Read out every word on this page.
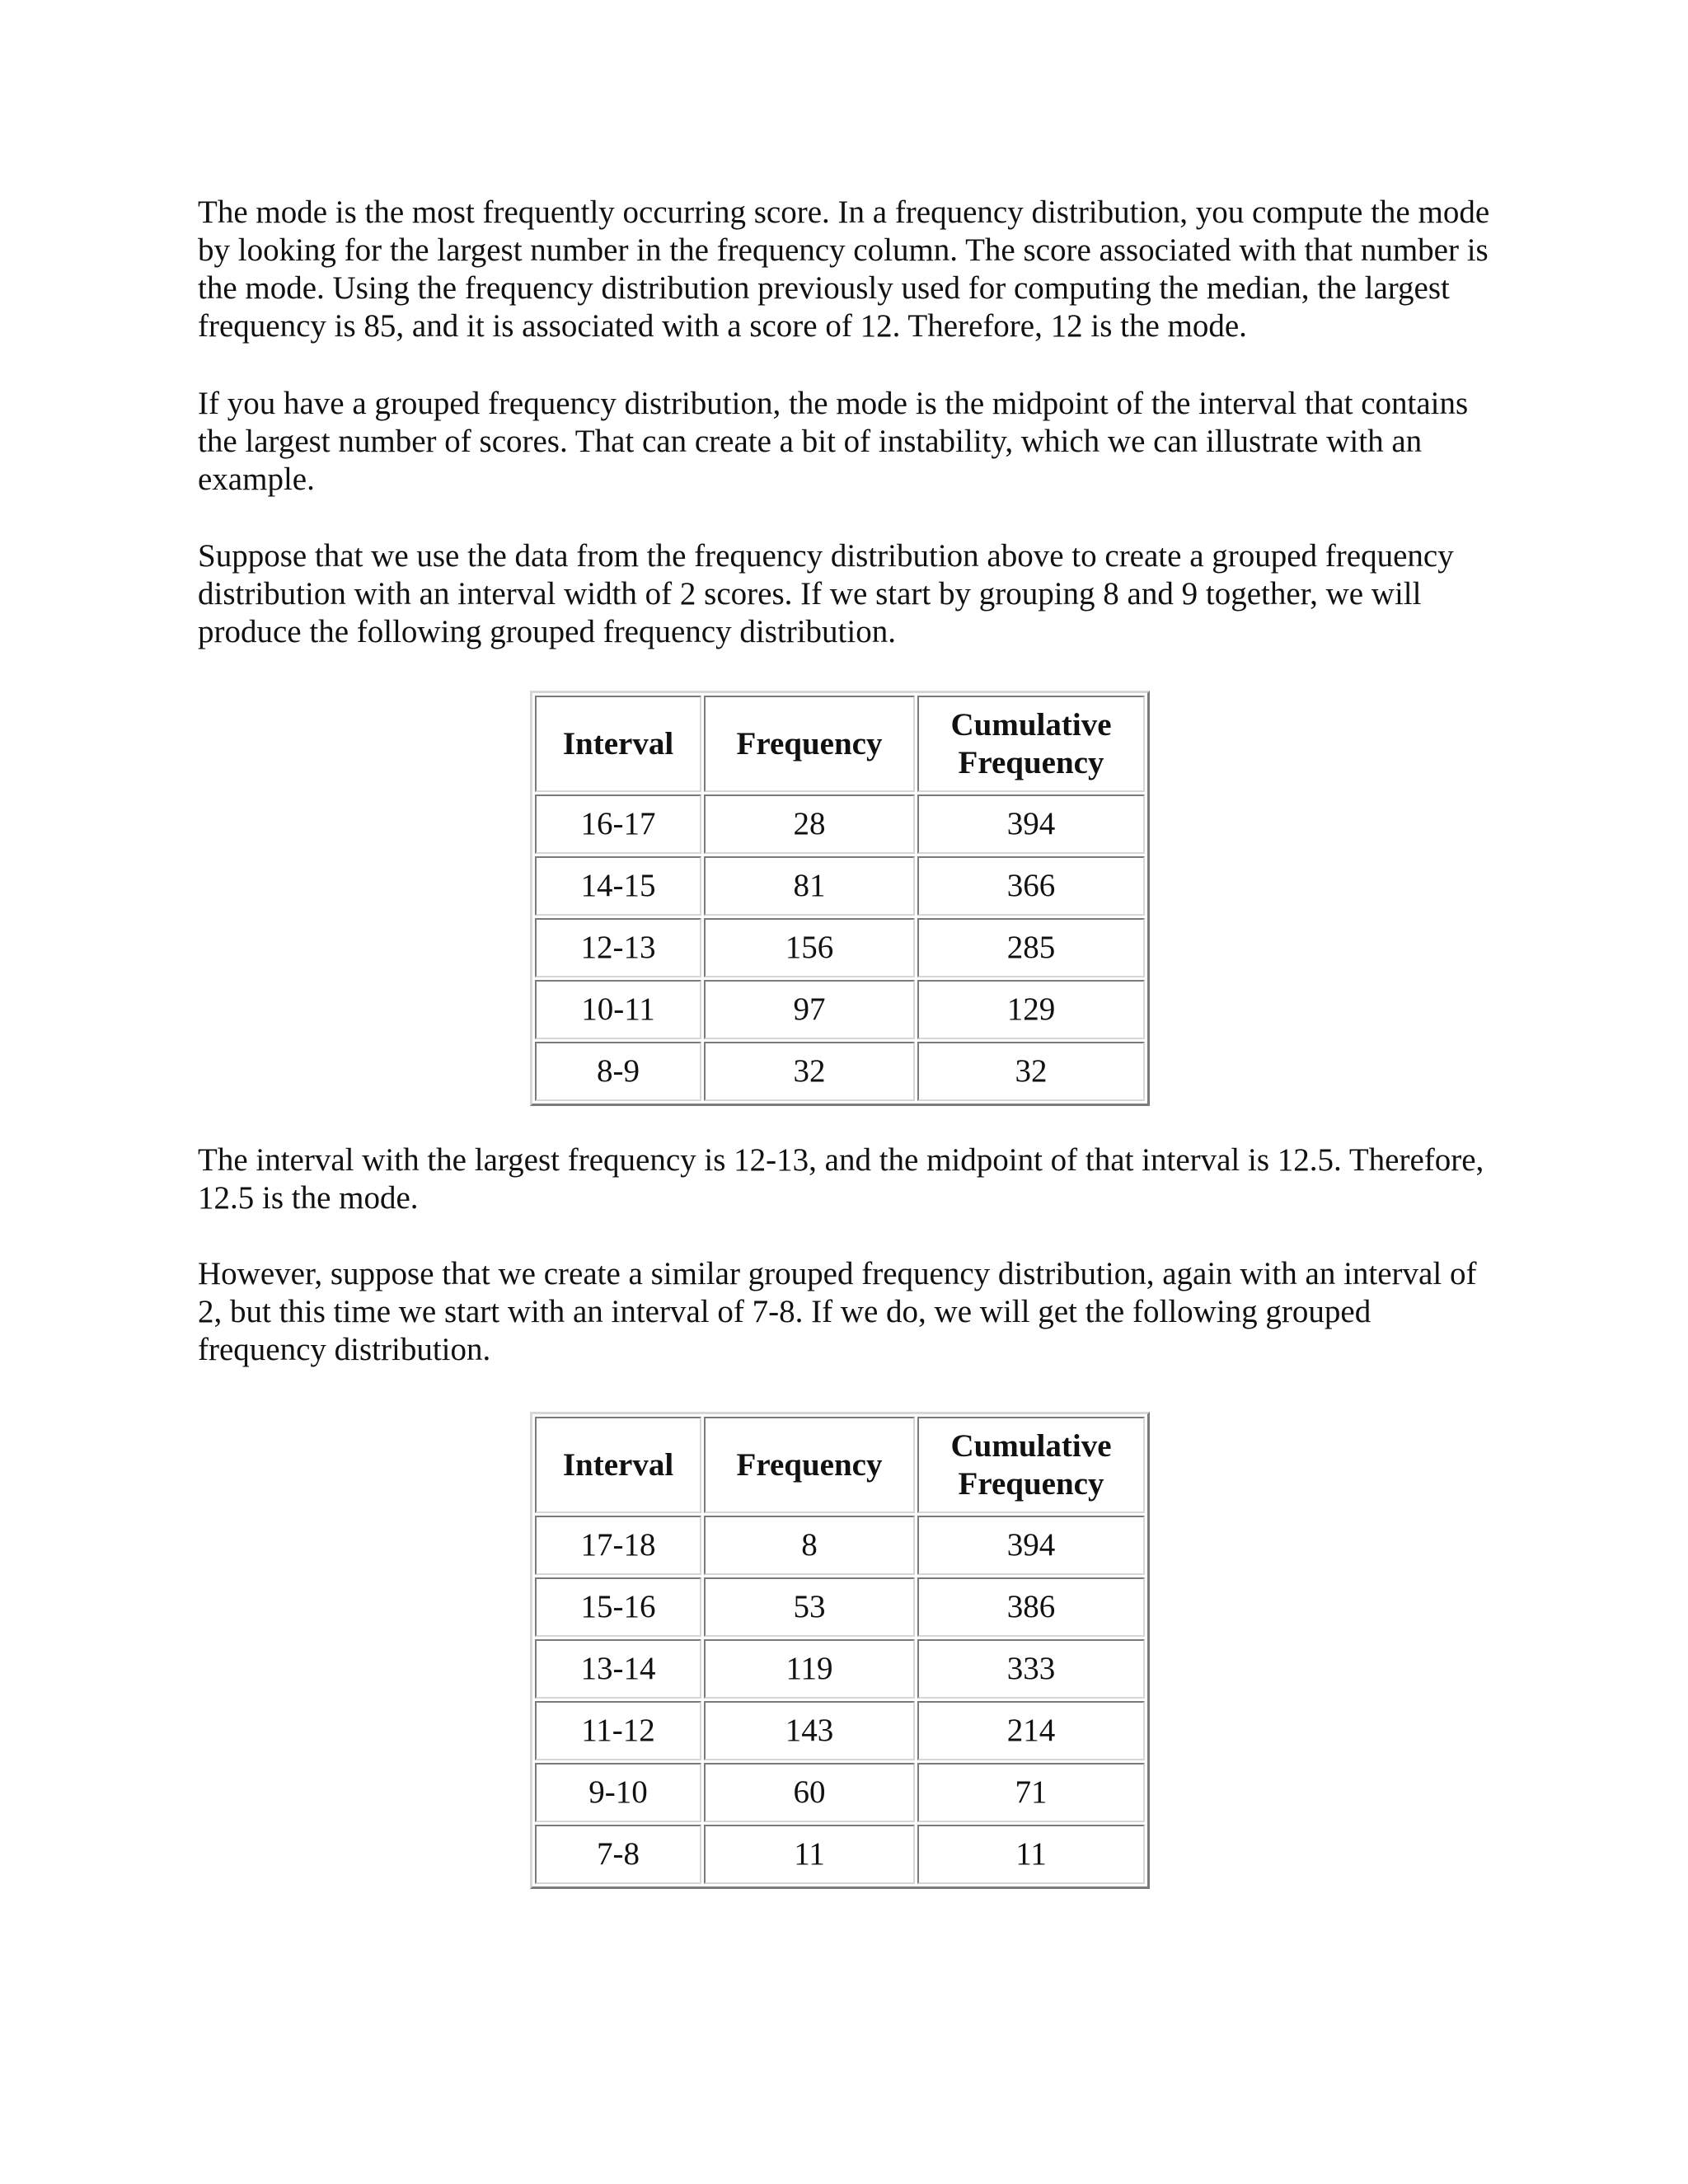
The mode is the most frequently occurring score. In a frequency distribution, you compute the mode by looking for the largest number in the frequency column. The score associated with that number is the mode. Using the frequency distribution previously used for computing the median, the largest frequency is 85, and it is associated with a score of 12. Therefore, 12 is the mode.

If you have a grouped frequency distribution, the mode is the midpoint of the interval that contains the largest number of scores. That can create a bit of instability, which we can illustrate with an example.

Suppose that we use the data from the frequency distribution above to create a grouped frequency distribution with an interval width of 2 scores. If we start by grouping 8 and 9 together, we will produce the following grouped frequency distribution.

Interval	Frequency	Cumulative
Frequency
16-17	28	394
14-15	81	366
12-13	156	285
10-11	97	129
8-9	32	32

The interval with the largest frequency is 12-13, and the midpoint of that interval is 12.5. Therefore, 12.5 is the mode.

However, suppose that we create a similar grouped frequency distribution, again with an interval of 2, but this time we start with an interval of 7-8. If we do, we will get the following grouped frequency distribution.

Interval	Frequency	Cumulative
Frequency
17-18	8	394
15-16	53	386
13-14	119	333
11-12	143	214
9-10	60	71
7-8	11	11
